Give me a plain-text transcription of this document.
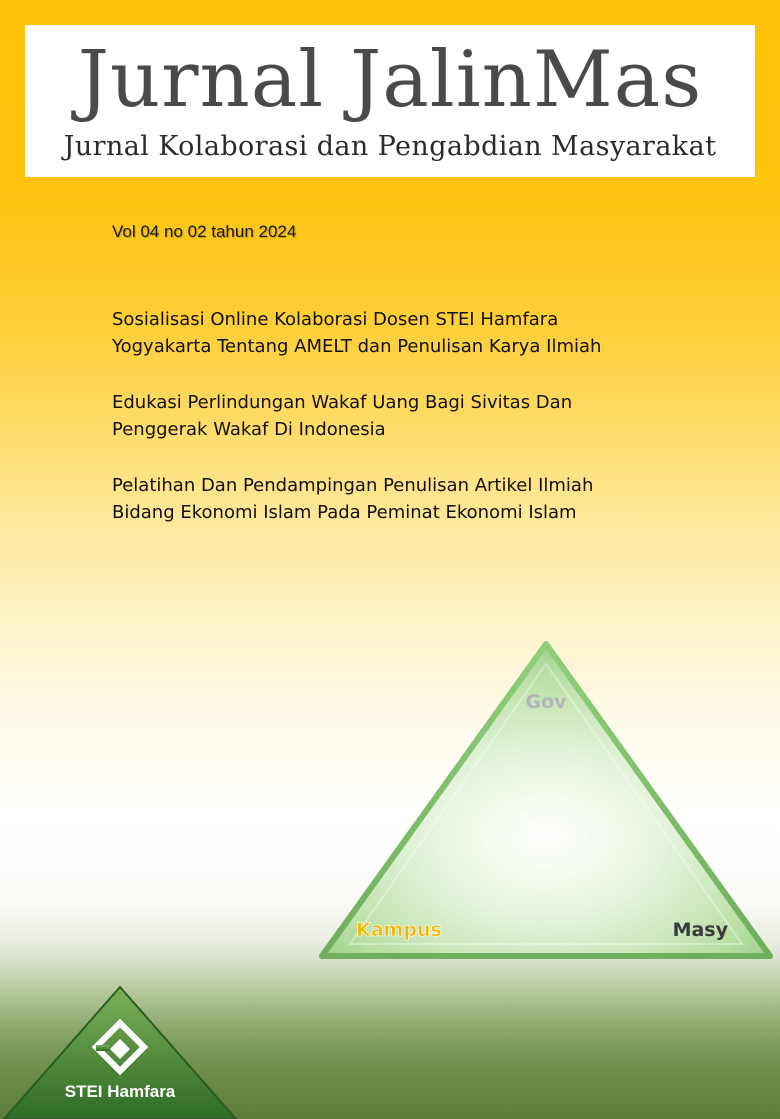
Jurnal JalinMas
Jurnal Kolaborasi dan Pengabdian Masyarakat
Vol 04 no 02 tahun 2024
Sosialisasi Online Kolaborasi Dosen STEI Hamfara
Yogyakarta Tentang AMELT dan Penulisan Karya Ilmiah
Edukasi Perlindungan Wakaf Uang Bagi Sivitas Dan
Penggerak Wakaf Di Indonesia
Pelatihan Dan Pendampingan Penulisan Artikel Ilmiah
Bidang Ekonomi Islam Pada Peminat Ekonomi Islam
Gov
Kampus	Masy
STEI Hamfara
